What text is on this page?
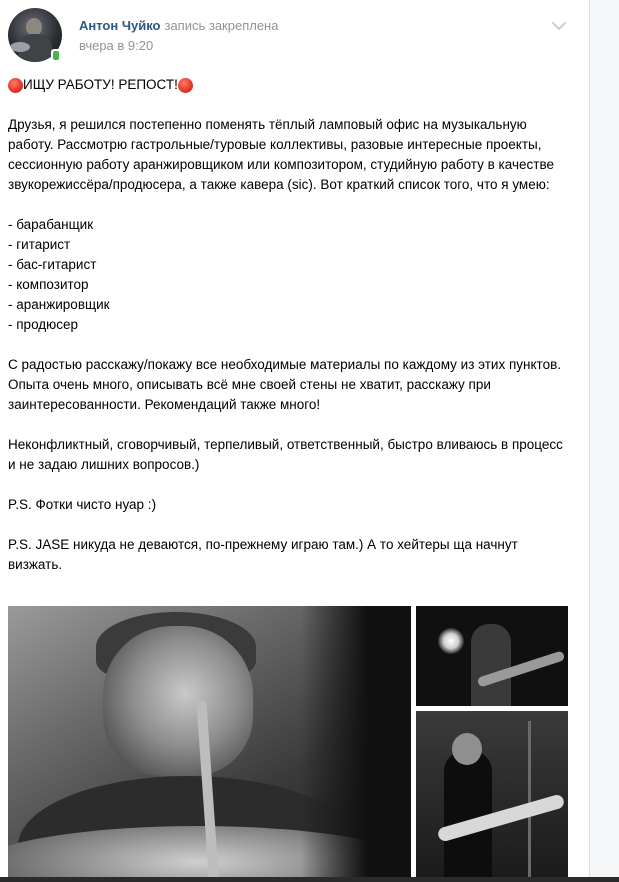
Антон Чуйко запись закреплена
вчера в 9:20

ИЩУ РАБОТУ! РЕПОСТ!

Друзья, я решился постепенно поменять тёплый ламповый офис на музыкальную работу. Рассмотрю гастрольные/туровые коллективы, разовые интересные проекты, сессионную работу аранжировщиком или композитором, студийную работу в качестве звукорежиссёра/продюсера, а также кавера (sic). Вот краткий список того, что я умею:

- барабанщик

- гитарист

- бас-гитарист

- композитор

- аранжировщик

- продюсер

С радостью расскажу/покажу все необходимые материалы по каждому из этих пунктов. Опыта очень много, описывать всё мне своей стены не хватит, расскажу при заинтересованности. Рекомендаций также много!

Неконфликтный, сговорчивый, терпеливый, ответственный, быстро вливаюсь в процесс и не задаю лишних вопросов.)

P.S. Фотки чисто нуар :)

P.S. JASE никуда не деваются, по-прежнему играю там.) А то хейтеры ща начнут визжать.
